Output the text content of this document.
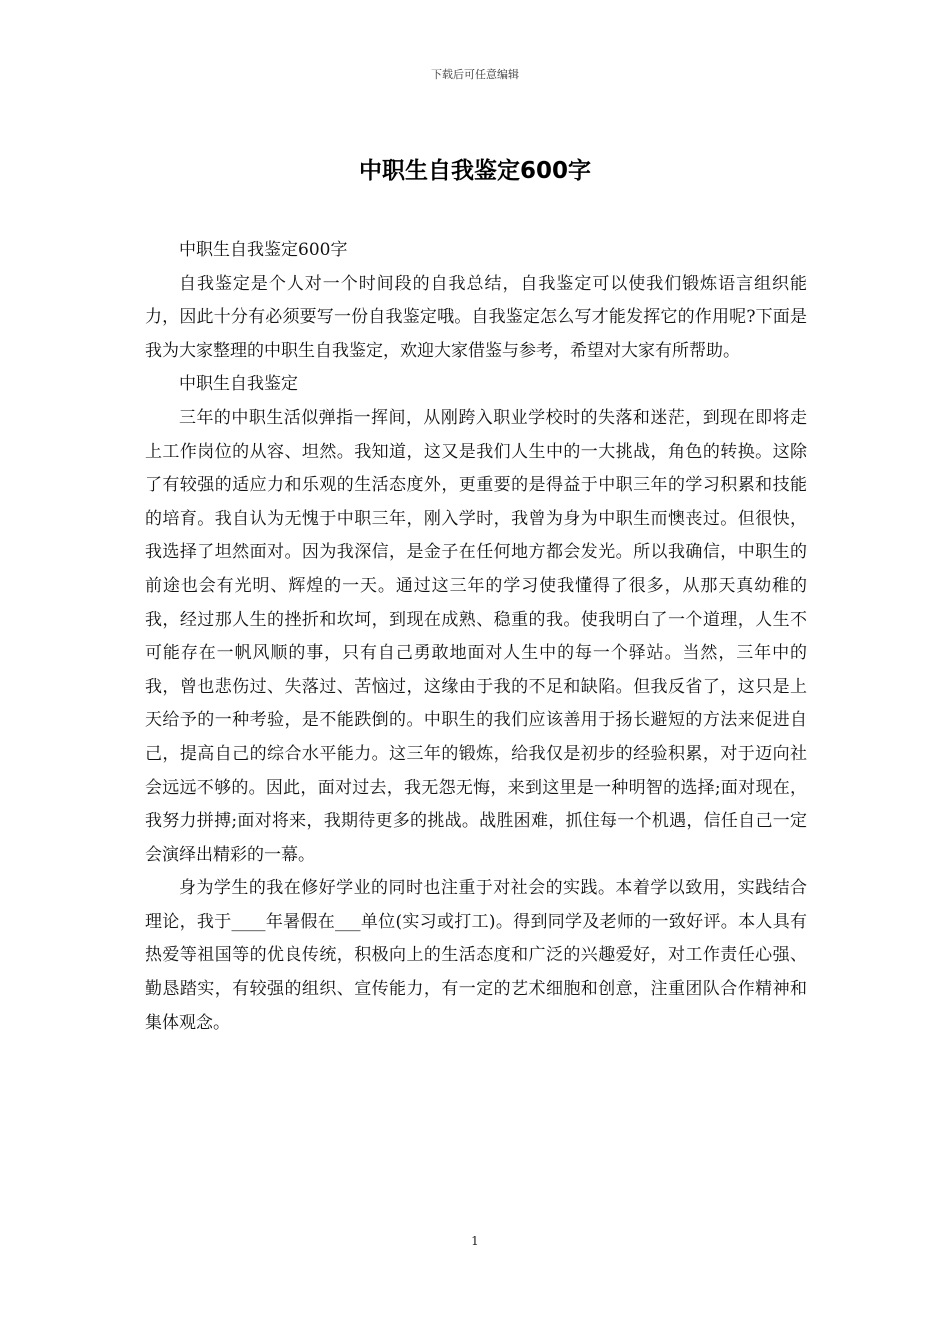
下载后可任意编辑
中职生自我鉴定600字

中职生自我鉴定600字

自我鉴定是个人对一个时间段的自我总结，自我鉴定可以使我们锻炼语言组织能力，因此十分有必须要写一份自我鉴定哦。自我鉴定怎么写才能发挥它的作用呢?下面是我为大家整理的中职生自我鉴定，欢迎大家借鉴与参考，希望对大家有所帮助。

中职生自我鉴定

三年的中职生活似弹指一挥间，从刚跨入职业学校时的失落和迷茫，到现在即将走上工作岗位的从容、坦然。我知道，这又是我们人生中的一大挑战，角色的转换。这除了有较强的适应力和乐观的生活态度外，更重要的是得益于中职三年的学习积累和技能的培育。我自认为无愧于中职三年，刚入学时，我曾为身为中职生而懊丧过。但很快，我选择了坦然面对。因为我深信，是金子在任何地方都会发光。所以我确信，中职生的前途也会有光明、辉煌的一天。通过这三年的学习使我懂得了很多，从那天真幼稚的我，经过那人生的挫折和坎坷，到现在成熟、稳重的我。使我明白了一个道理，人生不可能存在一帆风顺的事，只有自己勇敢地面对人生中的每一个驿站。当然，三年中的我，曾也悲伤过、失落过、苦恼过，这缘由于我的不足和缺陷。但我反省了，这只是上天给予的一种考验，是不能跌倒的。中职生的我们应该善用于扬长避短的方法来促进自己，提高自己的综合水平能力。这三年的锻炼，给我仅是初步的经验积累，对于迈向社会远远不够的。因此，面对过去，我无怨无悔，来到这里是一种明智的选择;面对现在，我努力拼搏;面对将来，我期待更多的挑战。战胜困难，抓住每一个机遇，信任自己一定会演绎出精彩的一幕。

身为学生的我在修好学业的同时也注重于对社会的实践。本着学以致用，实践结合理论，我于____年暑假在___单位(实习或打工)。得到同学及老师的一致好评。本人具有热爱等祖国等的优良传统，积极向上的生活态度和广泛的兴趣爱好，对工作责任心强、勤恳踏实，有较强的组织、宣传能力，有一定的艺术细胞和创意，注重团队合作精神和集体观念。

1
